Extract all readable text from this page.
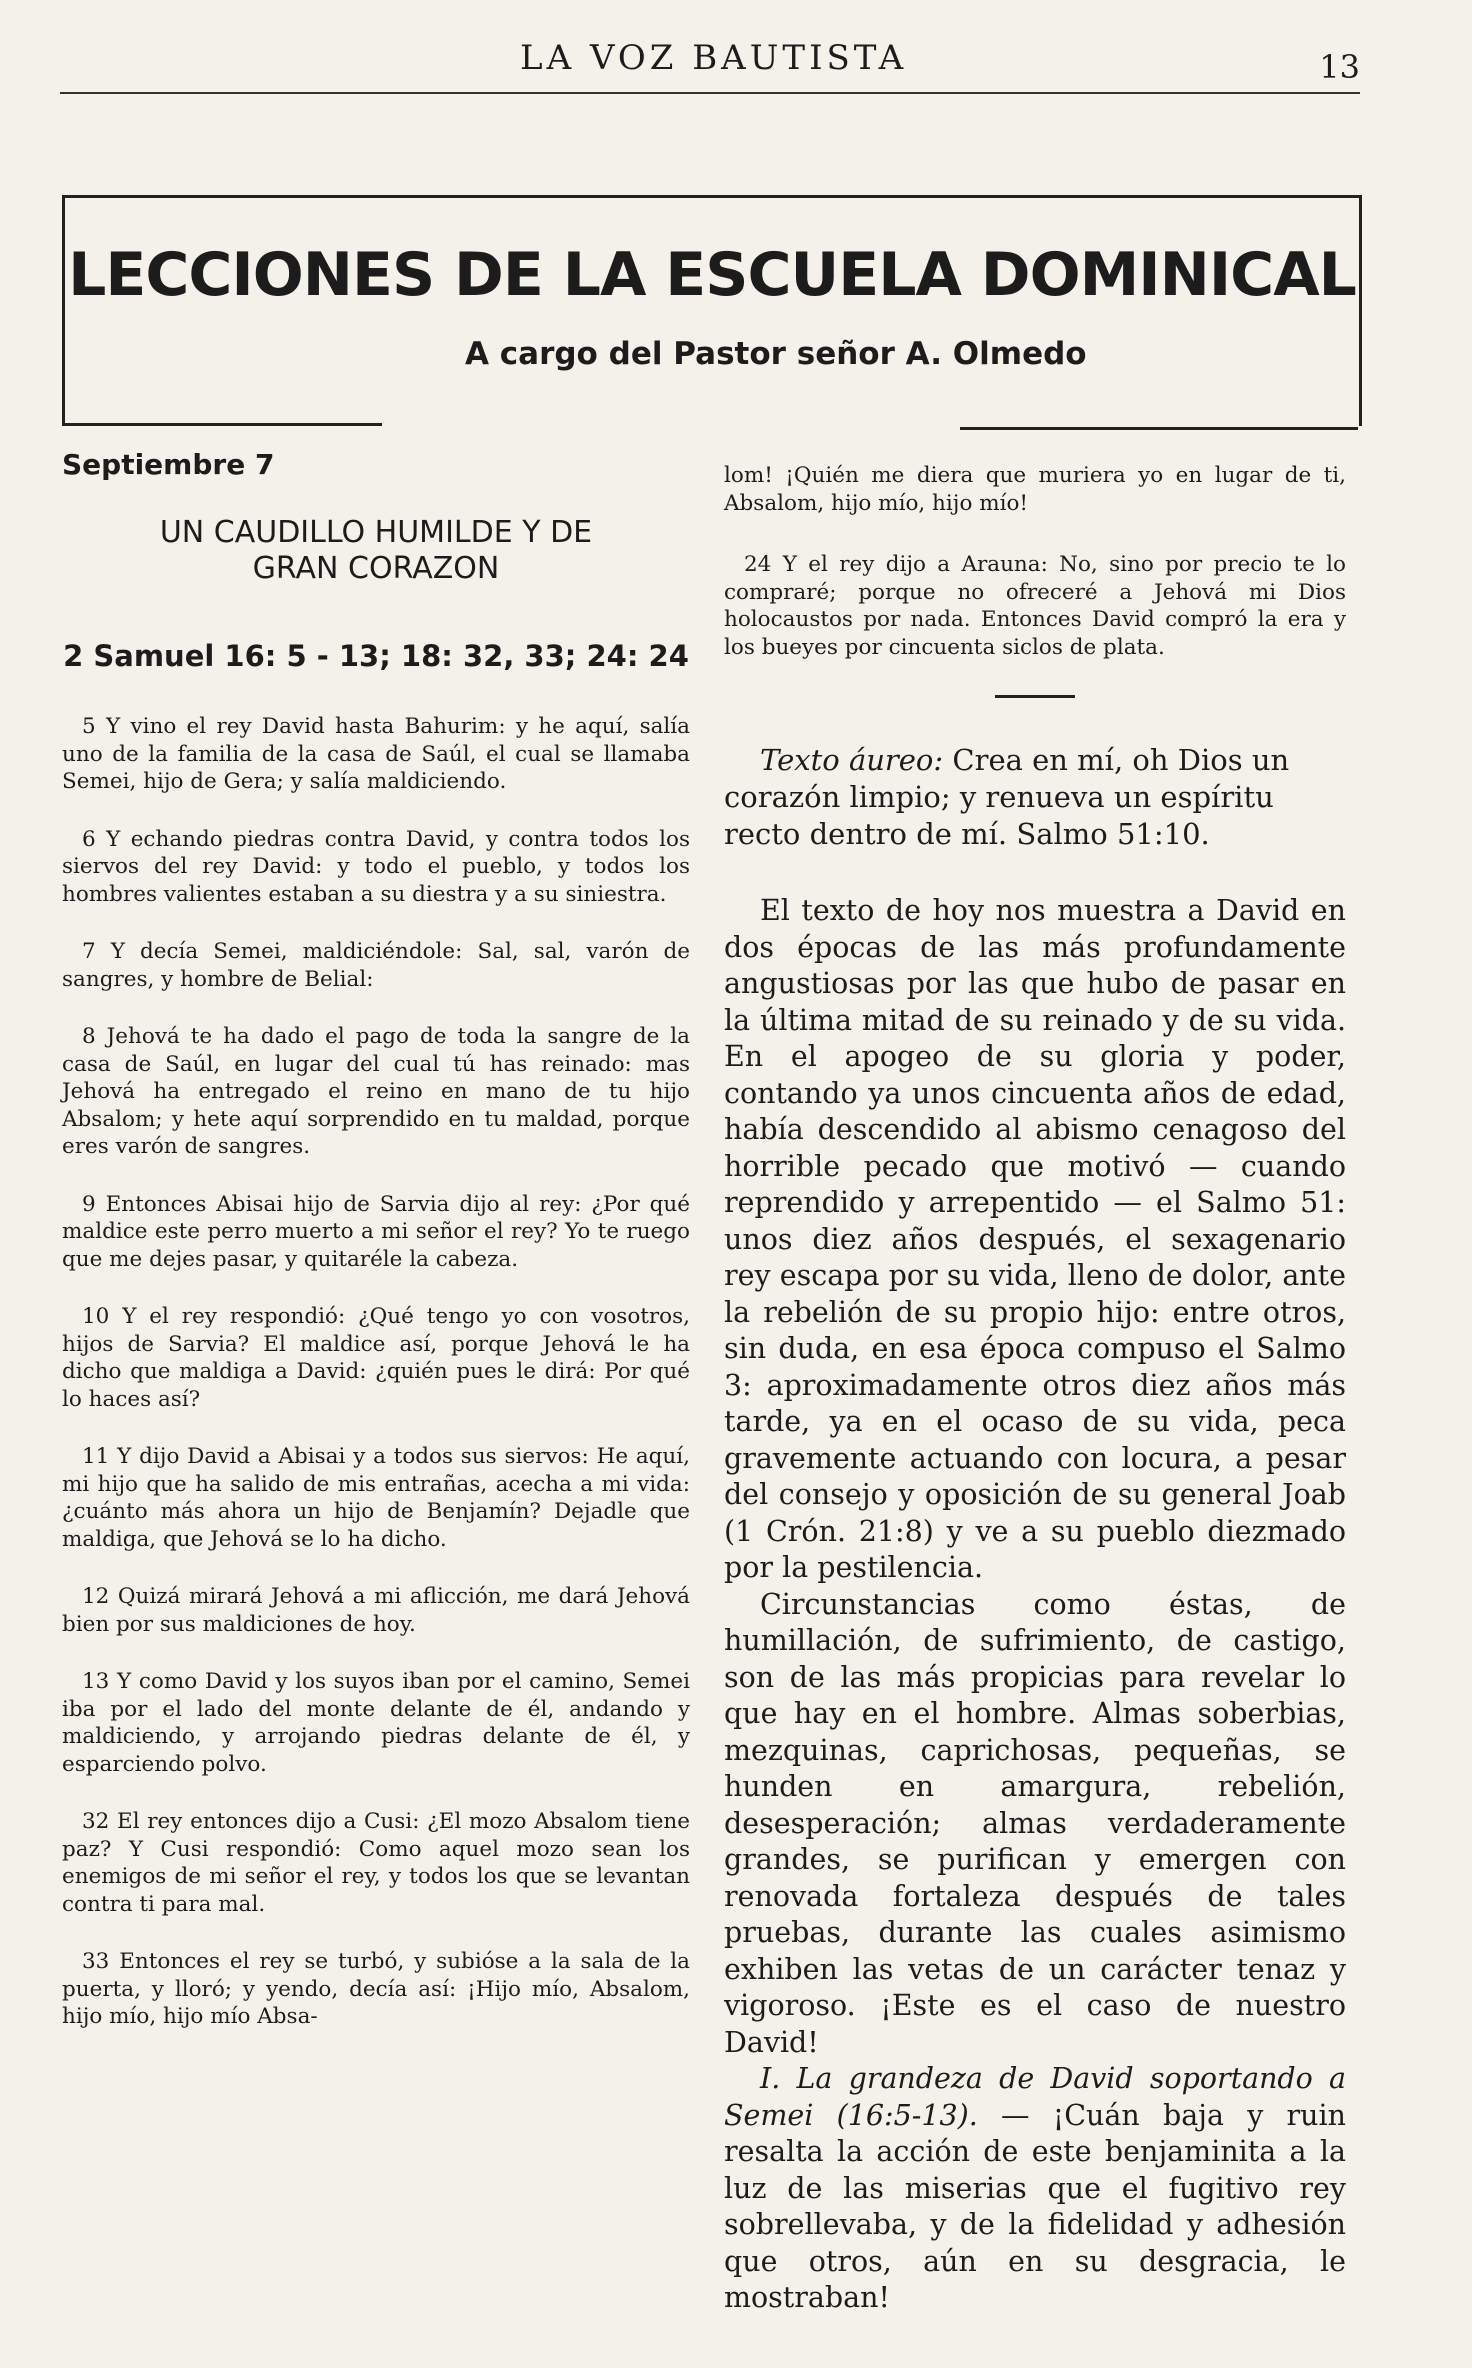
LA VOZ BAUTISTA	13
LECCIONES DE LA ESCUELA DOMINICAL
A cargo del Pastor señor A. Olmedo
Septiembre 7
UN CAUDILLO HUMILDE Y DE
GRAN CORAZON
2 Samuel 16: 5 - 13; 18: 32, 33; 24: 24

5 Y vino el rey David hasta Bahurim: y he aquí, salía uno de la familia de la casa de Saúl, el cual se llamaba Semei, hijo de Gera; y salía maldiciendo.

6 Y echando piedras contra David, y contra todos los siervos del rey David: y todo el pueblo, y todos los hombres valientes estaban a su diestra y a su siniestra.

7 Y decía Semei, maldiciéndole: Sal, sal, varón de sangres, y hombre de Belial:

8 Jehová te ha dado el pago de toda la sangre de la casa de Saúl, en lugar del cual tú has reinado: mas Jehová ha entregado el reino en mano de tu hijo Absalom; y hete aquí sorprendido en tu maldad, porque eres varón de sangres.

9 Entonces Abisai hijo de Sarvia dijo al rey: ¿Por qué maldice este perro muerto a mi señor el rey? Yo te ruego que me dejes pasar, y quitaréle la cabeza.

10 Y el rey respondió: ¿Qué tengo yo con vosotros, hijos de Sarvia? El maldice así, porque Jehová le ha dicho que maldiga a David: ¿quién pues le dirá: Por qué lo haces así?

11 Y dijo David a Abisai y a todos sus siervos: He aquí, mi hijo que ha salido de mis entrañas, acecha a mi vida: ¿cuánto más ahora un hijo de Benjamín? Dejadle que maldiga, que Jehová se lo ha dicho.

12 Quizá mirará Jehová a mi aflicción, me dará Jehová bien por sus maldiciones de hoy.

13 Y como David y los suyos iban por el camino, Semei iba por el lado del monte delante de él, andando y maldiciendo, y arrojando piedras delante de él, y esparciendo polvo.

32 El rey entonces dijo a Cusi: ¿El mozo Absalom tiene paz? Y Cusi respondió: Como aquel mozo sean los enemigos de mi señor el rey, y todos los que se levantan contra ti para mal.

33 Entonces el rey se turbó, y subióse a la sala de la puerta, y lloró; y yendo, decía así: ¡Hijo mío, Absalom, hijo mío, hijo mío Absa-

lom! ¡Quién me diera que muriera yo en lugar de ti, Absalom, hijo mío, hijo mío!

24 Y el rey dijo a Arauna: No, sino por precio te lo compraré; porque no ofreceré a Jehová mi Dios holocaustos por nada. Entonces David compró la era y los bueyes por cincuenta siclos de plata.

Texto áureo: Crea en mí, oh Dios un corazón limpio; y renueva un espíritu recto dentro de mí. Salmo 51:10.

El texto de hoy nos muestra a David en dos épocas de las más profundamente angustiosas por las que hubo de pasar en la última mitad de su reinado y de su vida. En el apogeo de su gloria y poder, contando ya unos cincuenta años de edad, había descendido al abismo cenagoso del horrible pecado que motivó — cuando reprendido y arrepentido — el Salmo 51: unos diez años después, el sexagenario rey escapa por su vida, lleno de dolor, ante la rebelión de su propio hijo: entre otros, sin duda, en esa época compuso el Salmo 3: aproximadamente otros diez años más tarde, ya en el ocaso de su vida, peca gravemente actuando con locura, a pesar del consejo y oposición de su general Joab (1 Crón. 21:8) y ve a su pueblo diezmado por la pestilencia.

Circunstancias como éstas, de humillación, de sufrimiento, de castigo, son de las más propicias para revelar lo que hay en el hombre. Almas soberbias, mezquinas, caprichosas, pequeñas, se hunden en amargura, rebelión, desesperación; almas verdaderamente grandes, se purifican y emergen con renovada fortaleza después de tales pruebas, durante las cuales asimismo exhiben las vetas de un carácter tenaz y vigoroso. ¡Este es el caso de nuestro David!

I. La grandeza de David soportando a Semei (16:5-13). — ¡Cuán baja y ruin resalta la acción de este benjaminita a la luz de las miserias que el fugitivo rey sobrellevaba, y de la fidelidad y adhesión que otros, aún en su desgracia, le mostraban!
